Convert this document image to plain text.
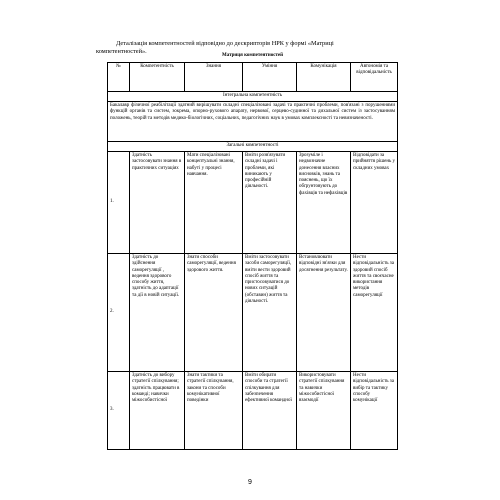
Деталізація компетентностей відповідно до дескрипторів НРК у формі «Матриці
компетентностей».
Матриця компетентностей					
№	Компетентність	Знання	Уміння	Комунікація	Автономія та відповідальність
Інтегральна компетентність					
Бакалавр фізичної реабілітації здатний вирішувати складні спеціалізовані задачі та практичні проблеми, пов'язані з порушеннями функцій органів та систем, зокрема, опорно-рухового апарату, нервової, серцево-судинної та дихальної систем із застосуванням положень, теорій та методів медико-біологічних, соціальних, педагогічних наук в умовах комплексності та невизначеності.					
Загальні компетентності					
1.	Здатність застосовувати знання в практичних ситуаціях	Мати спеціалізовані концептуальні знання, набуті у процесі навчання.	Вміти розв'язувати складні задачі і проблеми, які виникають у професійній діяльності.	Зрозуміле і недвозначне донесення власних висновків, знань та пояснень, що їх обґрунтовують до фахівців та нефахівців	Відповідати за прийняття рішень у складних умовах
2.	Здатність до здійснення саморегуляції , ведення здорового способу життя, здатність до адаптації та дії в новій ситуації.	Знати способи саморегуляції, ведення здорового життя.	Вміти застосовувати засоби саморегуляції, вміти вести здоровий спосіб життя та пристосовуватися до нових ситуацій (обставин) життя та діяльності.	Встановлювати відповідні зв'язки для досягнення результату.	Нести відповідальність за здоровий спосіб життя та своєчасне використання методів саморегуляції
3.	Здатність до вибору стратегії спілкування; здатність працювати в команді; навички міжособистісної	Знати тактики та стратегії спілкування, закони та способи комунікативної поведінки	Вміти обирати способи та стратегії спілкування для забезпечення ефективної командної	Використовувати стратегії спілкування та навички міжособистісної взаємодії	Нести відповідальність за вибір та тактику способу комунікації
9
